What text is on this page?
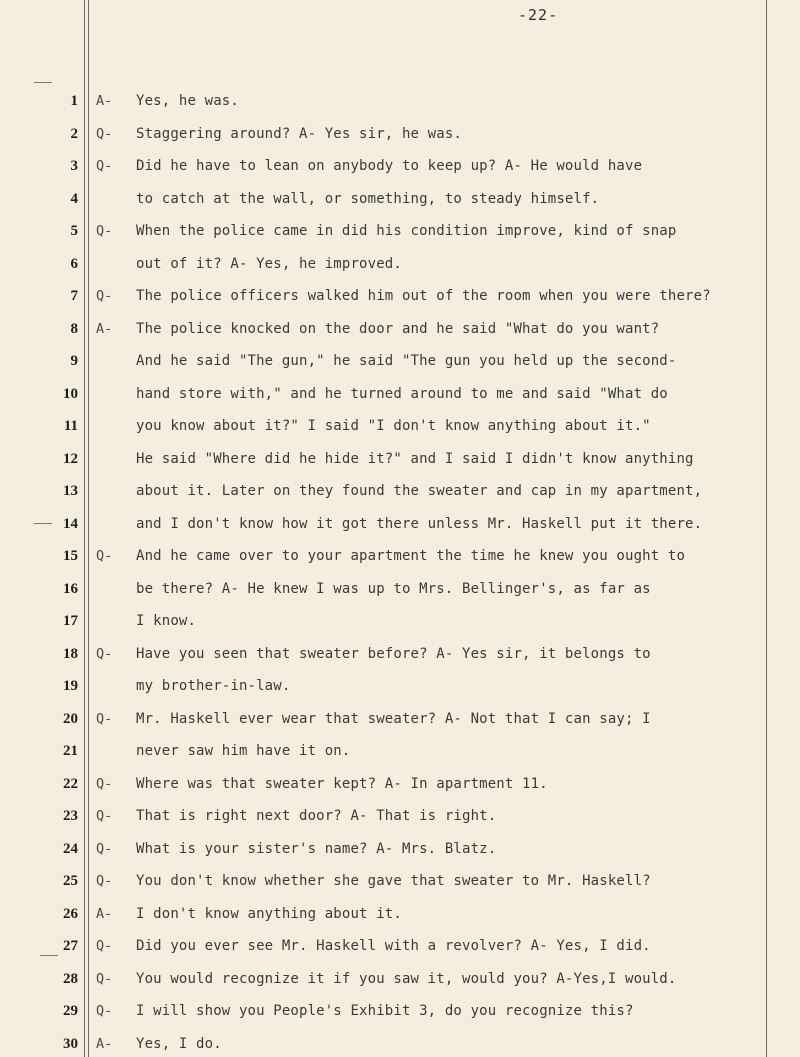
-22-
1 A- Yes, he was.
2 Q- Staggering around? A- Yes sir, he was.
3 Q- Did he have to lean on anybody to keep up? A- He would have
4	to catch at the wall, or something, to steady himself.
5 Q- When the police came in did his condition improve, kind of snap
6	out of it? A- Yes, he improved.
7 Q- The police officers walked him out of the room when you were there?
8 A- The police knocked on the door and he said "What do you want?
9	And he said "The gun," he said "The gun you held up the second-
10	hand store with," and he turned around to me and said "What do
11	you know about it?" I said "I don't know anything about it."
12	He said "Where did he hide it?" and I said I didn't know anything
13	about it. Later on they found the sweater and cap in my apartment,
14	and I don't know how it got there unless Mr. Haskell put it there.
15 Q- And he came over to your apartment the time he knew you ought to
16	be there? A- He knew I was up to Mrs. Bellinger's, as far as
17	I know.
18 Q- Have you seen that sweater before? A- Yes sir, it belongs to
19	my brother-in-law.
20 Q- Mr. Haskell ever wear that sweater? A- Not that I can say; I
21	never saw him have it on.
22 Q- Where was that sweater kept? A- In apartment 11.
23 Q- That is right next door? A- That is right.
24 Q- What is your sister's name? A- Mrs. Blatz.
25 Q- You don't know whether she gave that sweater to Mr. Haskell?
26 A- I don't know anything about it.
27 Q- Did you ever see Mr. Haskell with a revolver? A- Yes, I did.
28 Q- You would recognize it if you saw it, would you? A-Yes,I would.
29 Q- I will show you People's Exhibit 3, do you recognize this?
30 A- Yes, I do.
